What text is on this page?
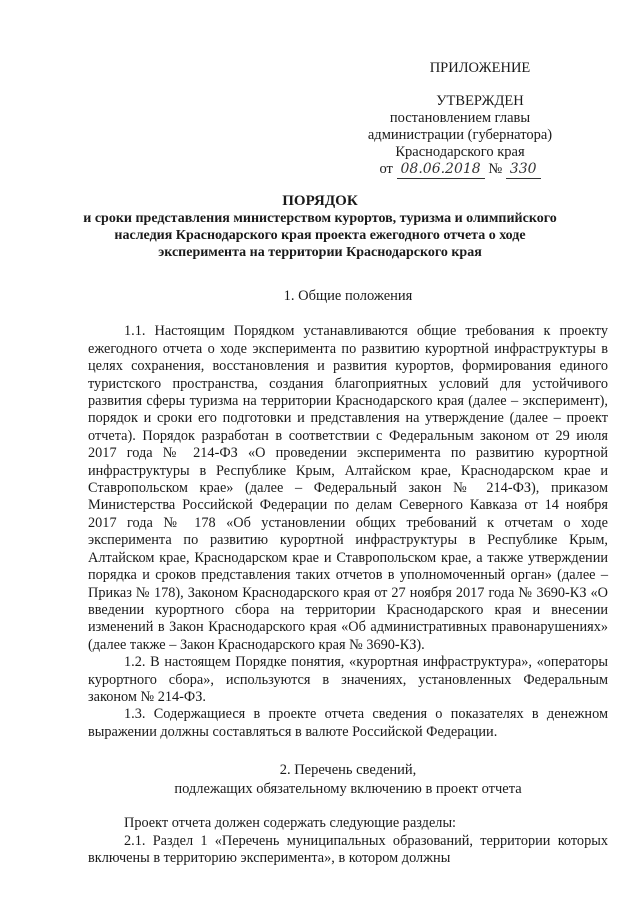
ПРИЛОЖЕНИЕ
УТВЕРЖДЕН
постановлением главы
администрации (губернатора)
Краснодарского края
от 08.06.2018 № 330
ПОРЯДОК
и сроки представления министерством курортов, туризма и олимпийского
наследия Краснодарского края проекта ежегодного отчета о ходе
эксперимента на территории Краснодарского края
1. Общие положения

1.1. Настоящим Порядком устанавливаются общие требования к проекту ежегодного отчета о ходе эксперимента по развитию курортной инфраструктуры в целях сохранения, восстановления и развития курортов, формирования единого туристского пространства, создания благоприятных условий для устойчивого развития сферы туризма на территории Краснодарского края (далее – эксперимент), порядок и сроки его подготовки и представления на утверждение (далее – проект отчета). Порядок разработан в соответствии с Федеральным законом от 29 июля 2017 года № 214-ФЗ «О проведении эксперимента по развитию курортной инфраструктуры в Республике Крым, Алтайском крае, Краснодарском крае и Ставропольском крае» (далее – Федеральный закон № 214-ФЗ), приказом Министерства Российской Федерации по делам Северного Кавказа от 14 ноября 2017 года № 178 «Об установлении общих требований к отчетам о ходе эксперимента по развитию курортной инфраструктуры в Республике Крым, Алтайском крае, Краснодарском крае и Ставропольском крае, а также утверждении порядка и сроков представления таких отчетов в уполномоченный орган» (далее – Приказ № 178), Законом Краснодарского края от 27 ноября 2017 года № 3690-КЗ «О введении курортного сбора на территории Краснодарского края и внесении изменений в Закон Краснодарского края «Об административных правонарушениях» (далее также – Закон Краснодарского края № 3690-КЗ).

1.2. В настоящем Порядке понятия, «курортная инфраструктура», «операторы курортного сбора», используются в значениях, установленных Федеральным законом № 214-ФЗ.

1.3. Содержащиеся в проекте отчета сведения о показателях в денежном выражении должны составляться в валюте Российской Федерации.

2. Перечень сведений,
подлежащих обязательному включению в проект отчета

Проект отчета должен содержать следующие разделы:

2.1. Раздел 1 «Перечень муниципальных образований, территории которых включены в территорию эксперимента», в котором должны
